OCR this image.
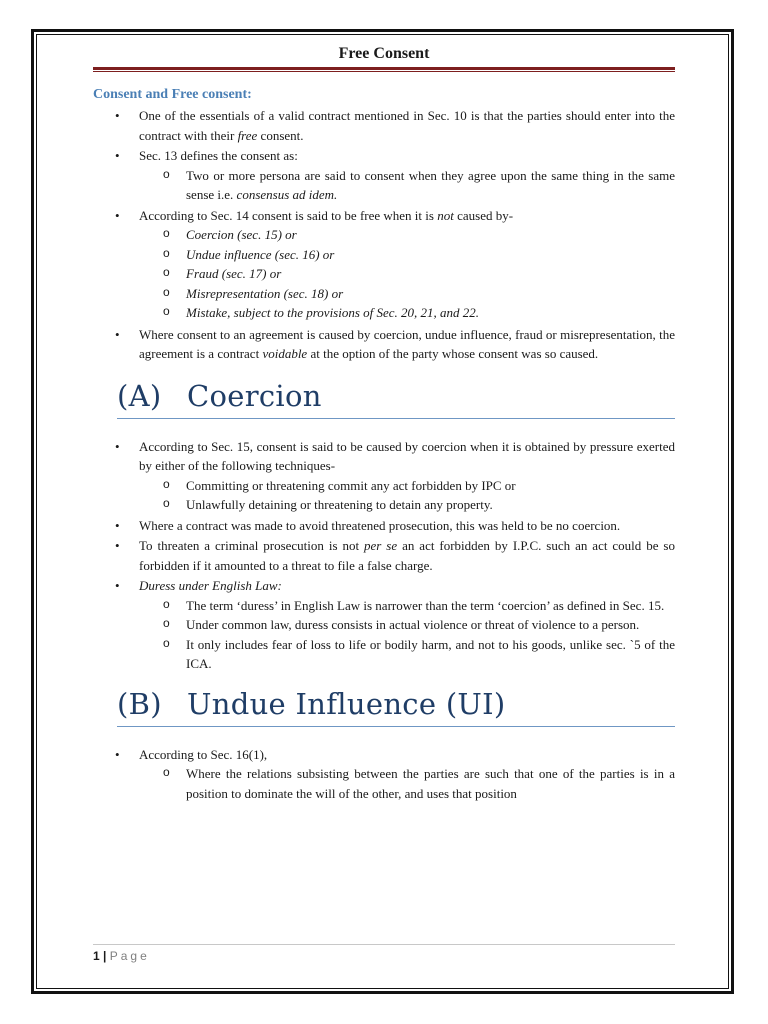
Free Consent

Consent and Free consent:
• One of the essentials of a valid contract mentioned in Sec. 10 is that the parties should enter into the contract with their free consent.
• Sec. 13 defines the consent as:
o Two or more persona are said to consent when they agree upon the same thing in the same sense i.e. consensus ad idem.
• According to Sec. 14 consent is said to be free when it is not caused by-
o Coercion (sec. 15) or
o Undue influence (sec. 16) or
o Fraud (sec. 17) or
o Misrepresentation (sec. 18) or
o Mistake, subject to the provisions of Sec. 20, 21, and 22.
• Where consent to an agreement is caused by coercion, undue influence, fraud or misrepresentation, the agreement is a contract voidable at the option of the party whose consent was so caused.
(A) Coercion
• According to Sec. 15, consent is said to be caused by coercion when it is obtained by pressure exerted by either of the following techniques-
o Committing or threatening commit any act forbidden by IPC or
o Unlawfully detaining or threatening to detain any property.
• Where a contract was made to avoid threatened prosecution, this was held to be no coercion.
• To threaten a criminal prosecution is not per se an act forbidden by I.P.C. such an act could be so forbidden if it amounted to a threat to file a false charge.
• Duress under English Law:
o The term ‘duress’ in English Law is narrower than the term ‘coercion’ as defined in Sec. 15.
o Under common law, duress consists in actual violence or threat of violence to a person.
o It only includes fear of loss to life or bodily harm, and not to his goods, unlike sec. `5 of the ICA.
(B) Undue Influence (UI)
• According to Sec. 16(1),
o Where the relations subsisting between the parties are such that one of the parties is in a position to dominate the will of the other, and uses that position
1 | Page
